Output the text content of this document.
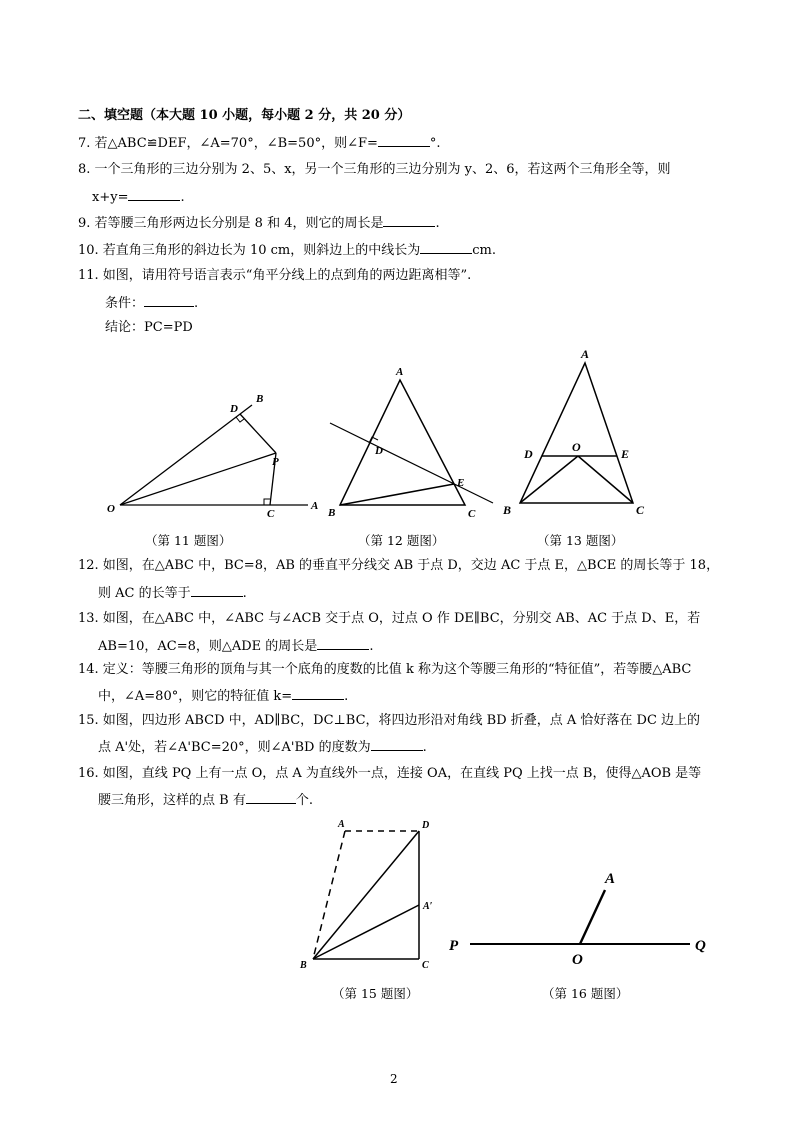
二、填空题（本大题 10 小题，每小题 2 分，共 20 分）
7. 若△ABC≌DEF，∠A=70°，∠B=50°，则∠F=	°.
8. 一个三角形的三边分别为 2、5、x，另一个三角形的三边分别为 y、2、6，若这两个三角形全等，则
x+y=	.
9. 若等腰三角形两边长分别是 8 和 4，则它的周长是	.
10. 若直角三角形的斜边长为 10 cm，则斜边上的中线长为	cm.
11. 如图，请用符号语言表示“角平分线上的点到角的两边距离相等”.
条件：	.
结论：PC=PD
O	A
B
C
D
P
（第 11 题图）
A
B	C
D
E
（第 12 题图）
A
B	C
D	E
O
（第 13 题图）
12. 如图，在△ABC 中，BC=8，AB 的垂直平分线交 AB 于点 D，交边 AC 于点 E，△BCE 的周长等于 18，
则 AC 的长等于	.
13. 如图，在△ABC 中，∠ABC 与∠ACB 交于点 O，过点 O 作 DE∥BC，分别交 AB、AC 于点 D、E，若
AB=10，AC=8，则△ADE 的周长是	.
14. 定义：等腰三角形的顶角与其一个底角的度数的比值 k 称为这个等腰三角形的“特征值”，若等腰△ABC
中，∠A=80°，则它的特征值 k=	.
15. 如图，四边形 ABCD 中，AD∥BC，DC⊥BC，将四边形沿对角线 BD 折叠，点 A 恰好落在 DC 边上的
点 A'处，若∠A'BC=20°，则∠A'BD 的度数为	.
16. 如图，直线 PQ 上有一点 O，点 A 为直线外一点，连接 OA，在直线 PQ 上找一点 B，使得△AOB 是等
腰三角形，这样的点 B 有	个.
A	D
A′
B	C
（第 15 题图）
A
O
P	Q
（第 16 题图）
2
